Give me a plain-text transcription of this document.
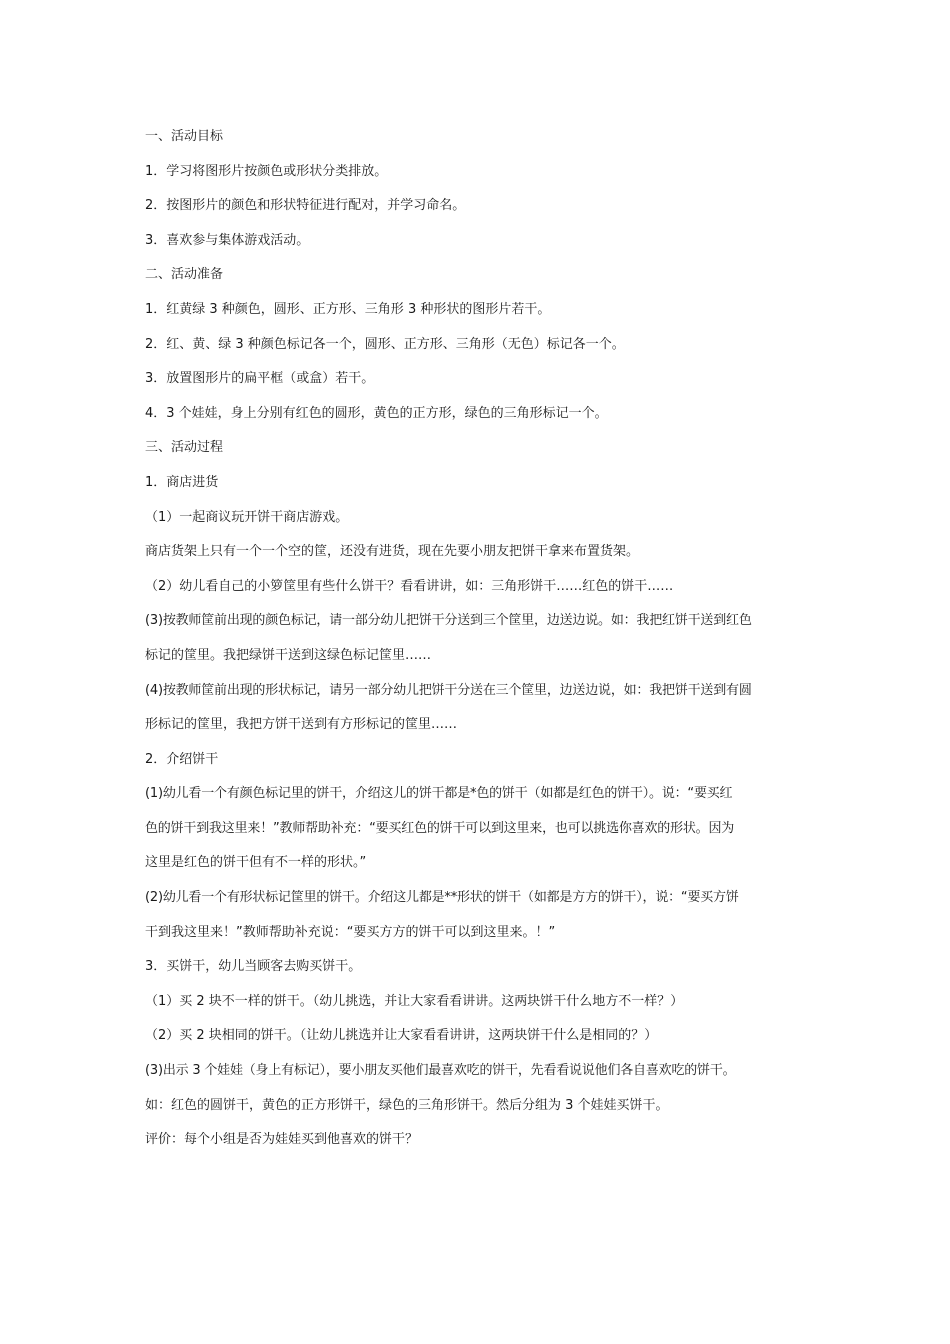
一、活动目标
1．学习将图形片按颜色或形状分类排放。
2．按图形片的颜色和形状特征进行配对，并学习命名。
3．喜欢参与集体游戏活动。
二、活动准备
1．红黄绿 3 种颜色，圆形、正方形、三角形 3 种形状的图形片若干。
2．红、黄、绿 3 种颜色标记各一个，圆形、正方形、三角形（无色）标记各一个。
3．放置图形片的扁平框（或盒）若干。
4．3 个娃娃，身上分别有红色的圆形，黄色的正方形，绿色的三角形标记一个。
三、活动过程
1．商店进货
（1）一起商议玩开饼干商店游戏。
商店货架上只有一个一个空的筐，还没有进货，现在先要小朋友把饼干拿来布置货架。
（2）幼儿看自己的小箩筐里有些什么饼干？看看讲讲，如：三角形饼干……红色的饼干……
(3)按教师筐前出现的颜色标记，请一部分幼儿把饼干分送到三个筐里，边送边说。如：我把红饼干送到红色
标记的筐里。我把绿饼干送到这绿色标记筐里……
(4)按教师筐前出现的形状标记，请另一部分幼儿把饼干分送在三个筐里，边送边说，如：我把饼干送到有圆
形标记的筐里，我把方饼干送到有方形标记的筐里……
2．介绍饼干
(1)幼儿看一个有颜色标记里的饼干，介绍这儿的饼干都是*色的饼干（如都是红色的饼干）。说：“要买红
色的饼干到我这里来！”教师帮助补充：“要买红色的饼干可以到这里来，也可以挑选你喜欢的形状。因为
这里是红色的饼干但有不一样的形状。”
(2)幼儿看一个有形状标记筐里的饼干。介绍这儿都是**形状的饼干（如都是方方的饼干），说：“要买方饼
干到我这里来！”教师帮助补充说：“要买方方的饼干可以到这里来。！”
3．买饼干，幼儿当顾客去购买饼干。
（1）买 2 块不一样的饼干。（幼儿挑选，并让大家看看讲讲。这两块饼干什么地方不一样？）
（2）买 2 块相同的饼干。（让幼儿挑选并让大家看看讲讲，这两块饼干什么是相同的？）
(3)出示 3 个娃娃（身上有标记），要小朋友买他们最喜欢吃的饼干，先看看说说他们各自喜欢吃的饼干。
如：红色的圆饼干，黄色的正方形饼干，绿色的三角形饼干。然后分组为 3 个娃娃买饼干。
评价：每个小组是否为娃娃买到他喜欢的饼干？
